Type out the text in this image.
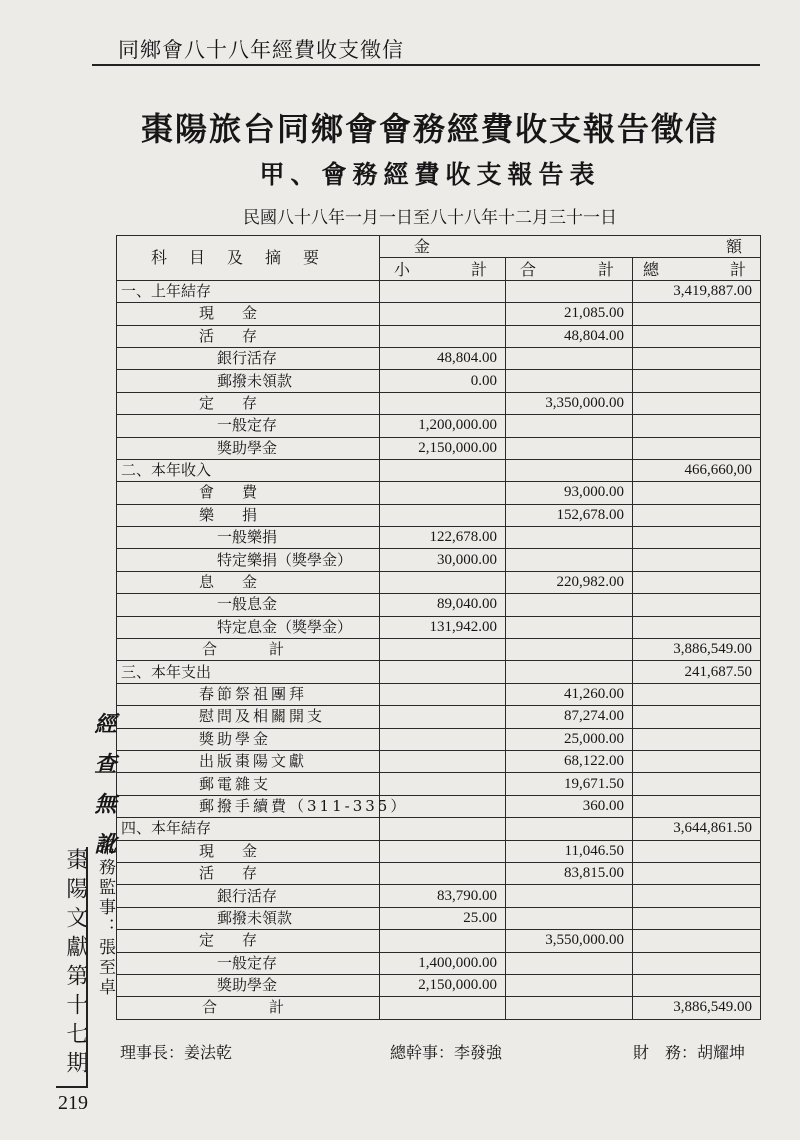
同鄉會八十八年經費收支徵信
棗陽旅台同鄉會會務經費收支報告徵信
甲、會務經費收支報告表
民國八十八年一月一日至八十八年十二月三十一日
科目及摘要	金 額		

	小 計	合 計	總 計

一、上年結存			3,419,887.00
現金		21,085.00	
活存		48,804.00	
銀行活存	48,804.00		
郵撥未領款	0.00		
定存		3,350,000.00	
一般定存	1,200,000.00		
獎助學金	2,150,000.00		
二、本年收入			466,660,00
會費		93,000.00	
樂捐		152,678.00	
一般樂捐	122,678.00		
特定樂捐（獎學金）	30,000.00		
息金		220,982.00	
一般息金	89,040.00		
特定息金（獎學金）	131,942.00		
合計			3,886,549.00
三、本年支出			241,687.50
春節祭祖團拜		41,260.00	
慰問及相關開支		87,274.00	
獎助學金		25,000.00	
出版棗陽文獻		68,122.00	
郵電雜支		19,671.50	
郵撥手續費（311-335）		360.00	
四、本年結存			3,644,861.50
現金		11,046.50	
活存		83,815.00	
銀行活存	83,790.00		
郵撥未領款	25.00		
定存		3,550,000.00	
一般定存	1,400,000.00		
獎助學金	2,150,000.00		
合計			3,886,549.00
經查無訛
常務監事：張至卓
棗陽文獻第十七期
219
理事長：姜法乾	總幹事：李發強	財　務：胡耀坤
